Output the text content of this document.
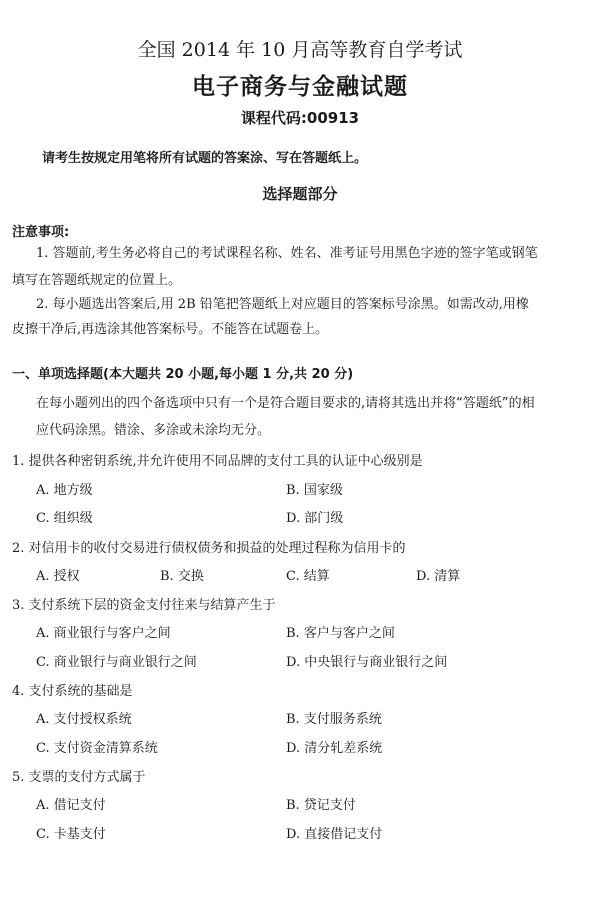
全国 2014 年 10 月高等教育自学考试
电子商务与金融试题
课程代码:00913
请考生按规定用笔将所有试题的答案涂、写在答题纸上。
选择题部分
注意事项:
1. 答题前,考生务必将自己的考试课程名称、姓名、准考证号用黑色字迹的签字笔或钢笔
填写在答题纸规定的位置上。
2. 每小题选出答案后,用 2B 铅笔把答题纸上对应题目的答案标号涂黑。如需改动,用橡
皮擦干净后,再选涂其他答案标号。不能答在试题卷上。
一、单项选择题(本大题共 20 小题,每小题 1 分,共 20 分)
在每小题列出的四个备选项中只有一个是符合题目要求的,请将其选出并将“答题纸”的相
应代码涂黑。错涂、多涂或未涂均无分。
1. 提供各种密钥系统,并允许使用不同品牌的支付工具的认证中心级别是
A. 地方级	B. 国家级
C. 组织级	D. 部门级
2. 对信用卡的收付交易进行债权债务和损益的处理过程称为信用卡的
A. 授权	B. 交换	C. 结算	D. 清算
3. 支付系统下层的资金支付往来与结算产生于
A. 商业银行与客户之间	B. 客户与客户之间
C. 商业银行与商业银行之间	D. 中央银行与商业银行之间
4. 支付系统的基础是
A. 支付授权系统	B. 支付服务系统
C. 支付资金清算系统	D. 清分轧差系统
5. 支票的支付方式属于
A. 借记支付	B. 贷记支付
C. 卡基支付	D. 直接借记支付
